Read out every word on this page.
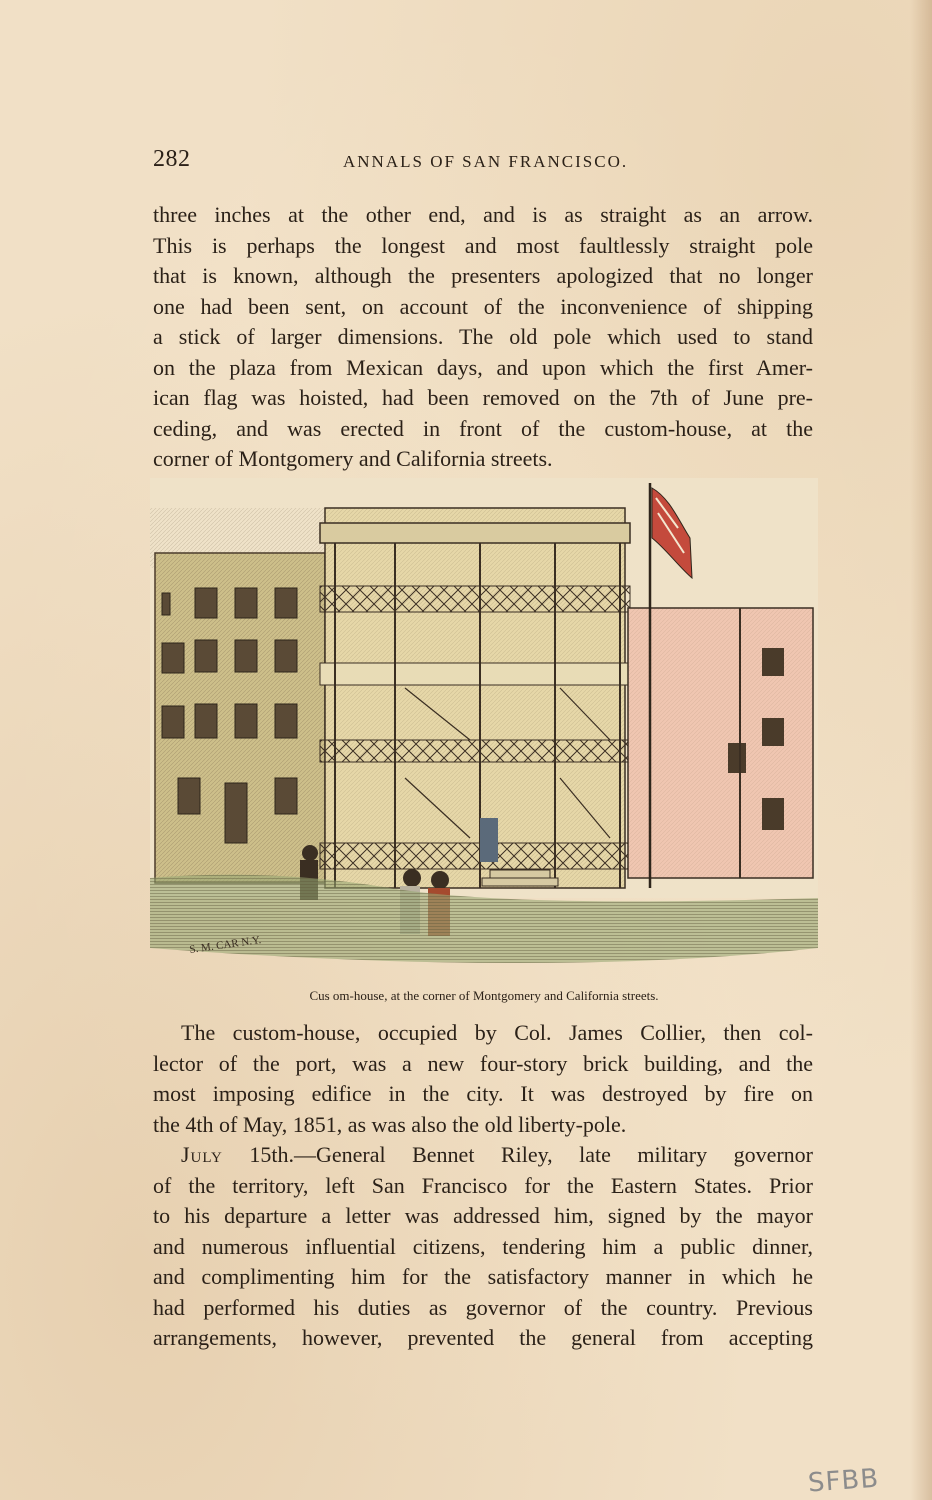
282	ANNALS OF SAN FRANCISCO.

three inches at the other end, and is as straight as an arrow.
This is perhaps the longest and most faultlessly straight pole
that is known, although the presenters apologized that no longer
one had been sent, on account of the inconvenience of shipping
a stick of larger dimensions. The old pole which used to stand
on the plaza from Mexican days, and upon which the first Amer-
ican flag was hoisted, had been removed on the 7th of June pre-
ceding, and was erected in front of the custom-house, at the
corner of Montgomery and California streets.

S. M. CAR N.Y.
Cus om-house, at the corner of Montgomery and California streets.

The custom-house, occupied by Col. James Collier, then col-
lector of the port, was a new four-story brick building, and the
most imposing edifice in the city. It was destroyed by fire on
the 4th of May, 1851, as was also the old liberty-pole.

July 15th.—General Bennet Riley, late military governor
of the territory, left San Francisco for the Eastern States. Prior
to his departure a letter was addressed him, signed by the mayor
and numerous influential citizens, tendering him a public dinner,
and complimenting him for the satisfactory manner in which he
had performed his duties as governor of the country. Previous
arrangements, however, prevented the general from accepting

SFBB
